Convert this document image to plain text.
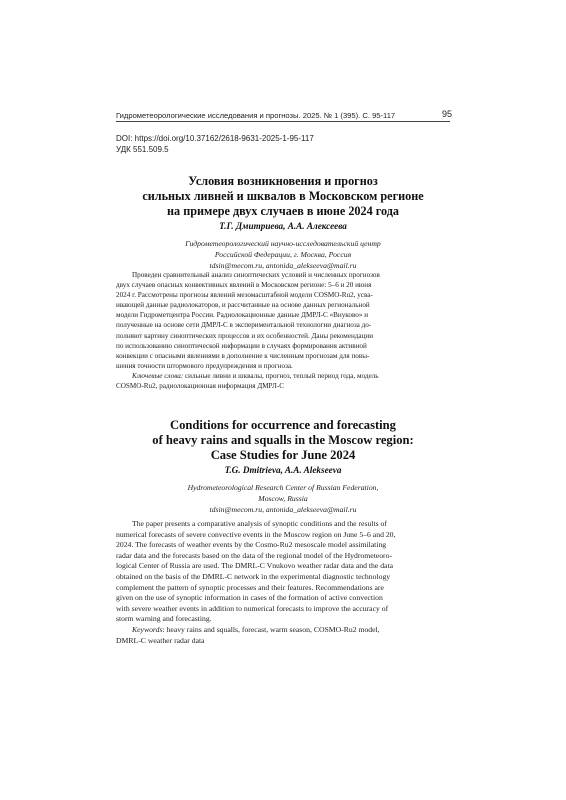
Гидрометеорологические исследования и прогнозы. 2025. № 1 (395). С. 95-117	95
DOI: https://doi.org/10.37162/2618-9631-2025-1-95-117
УДК 551.509.5
Условия возникновения и прогноз
сильных ливней и шквалов в Московском регионе
на примере двух случаев в июне 2024 года
Т.Г. Дмитриева, А.А. Алексеева
Гидрометеорологический научно-исследовательский центр
Российской Федерации, г. Москва, Россия
tdsin@mecom.ru, antonida_alekseeva@mail.ru
Проведен сравнительный анализ синоптических условий и численных прогнозов
двух случаев опасных конвективных явлений в Московском регионе: 5–6 и 20 июня
2024 г. Рассмотрены прогнозы явлений мезомасштабной модели COSMO-Ru2, усва-
ивающей данные радиолокаторов, и рассчитанные на основе данных региональной
модели Гидрометцентра России. Радиолокационные данные ДМРЛ-С «Внуково» и
полученные на основе сети ДМРЛ-С в экспериментальной технологии диагноза до-
полняют картину синоптических процессов и их особенностей. Даны рекомендации
по использованию синоптической информации в случаях формирования активной
конвекции с опасными явлениями в дополнение к численным прогнозам для повы-
шения точности штормового предупреждения и прогноза.
Ключевые слова: сильные ливни и шквалы, прогноз, теплый период года, модель
COSMO-Ru2, радиолокационная информация ДМРЛ-С
Conditions for occurrence and forecasting
of heavy rains and squalls in the Moscow region:
Case Studies for June 2024
T.G. Dmitrieva, A.A. Alekseeva
Hydrometeorological Research Center of Russian Federation,
Moscow, Russia
tdsin@mecom.ru, antonida_alekseeva@mail.ru
The paper presents a comparative analysis of synoptic conditions and the results of
numerical forecasts of severe convective events in the Moscow region on June 5–6 and 20,
2024. The forecasts of weather events by the Cosmo-Ru2 mesoscale model assimilating
radar data and the forecasts based on the data of the regional model of the Hydrometeoro-
logical Center of Russia are used. The DMRL-C Vnukovo weather radar data and the data
obtained on the basis of the DMRL-C network in the experimental diagnostic technology
complement the pattern of synoptic processes and their features. Recommendations are
given on the use of synoptic information in cases of the formation of active convection
with severe weather events in addition to numerical forecasts to improve the accuracy of
storm warning and forecasting.
Keywords: heavy rains and squalls, forecast, warm season, COSMO-Ru2 model,
DMRL-C weather radar data
